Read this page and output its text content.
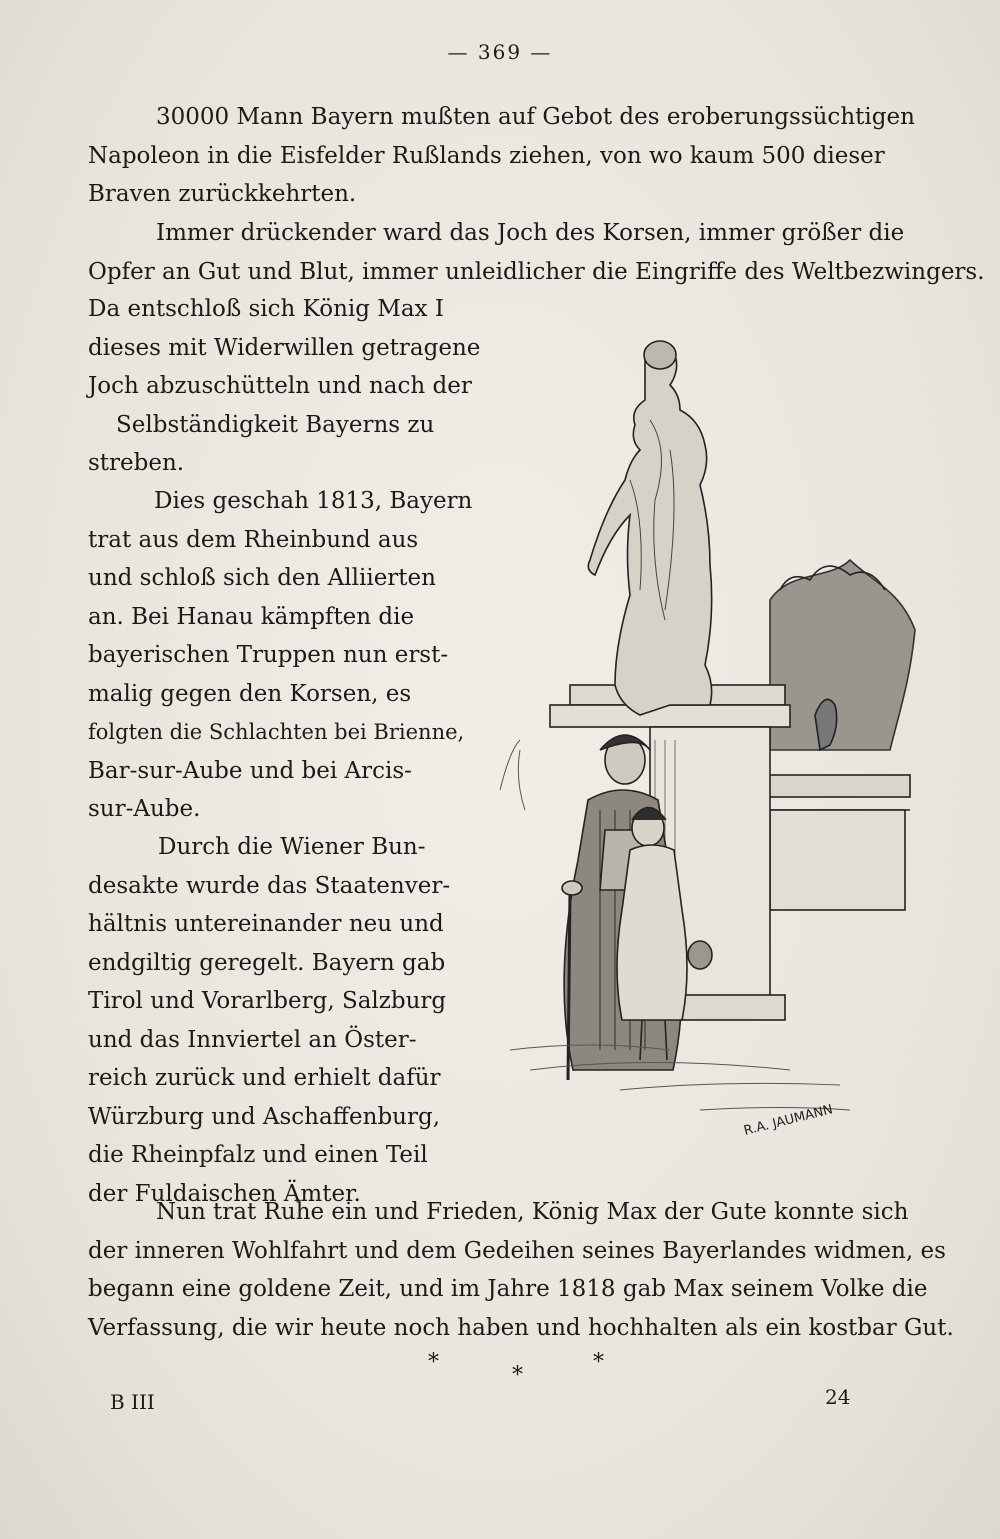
— 369 —
30000 Mann Bayern mußten auf Gebot des eroberungssüchtigen
Napoleon in die Eisfelder Rußlands ziehen, von wo kaum 500 dieser
Braven zurückkehrten.
Immer drückender ward das Joch des Korsen, immer größer die
Opfer an Gut und Blut, immer unleidlicher die Eingriffe des Weltbezwingers.
Da entschloß sich König Max I
dieses mit Widerwillen getragene
Joch abzuschütteln und nach der
Selbständigkeit Bayerns zu
streben.
Dies geschah 1813, Bayern
trat aus dem Rheinbund aus
und schloß sich den Alliierten
an. Bei Hanau kämpften die
bayerischen Truppen nun erst-
malig gegen den Korsen, es
folgten die Schlachten bei Brienne,
Bar-sur-Aube und bei Arcis-
sur-Aube.
Durch die Wiener Bun-
desakte wurde das Staatenver-
hältnis untereinander neu und
endgiltig geregelt. Bayern gab
Tirol und Vorarlberg, Salzburg
und das Innviertel an Öster-
reich zurück und erhielt dafür
Würzburg und Aschaffenburg,
die Rheinpfalz und einen Teil
der Fuldaischen Ämter.
Nun trat Ruhe ein und Frieden, König Max der Gute konnte sich
der inneren Wohlfahrt und dem Gedeihen seines Bayerlandes widmen, es
begann eine goldene Zeit, und im Jahre 1818 gab Max seinem Volke die
Verfassung, die wir heute noch haben und hochhalten als ein kostbar Gut.
R.A. JAUMANN
*
*
*
B III	24
